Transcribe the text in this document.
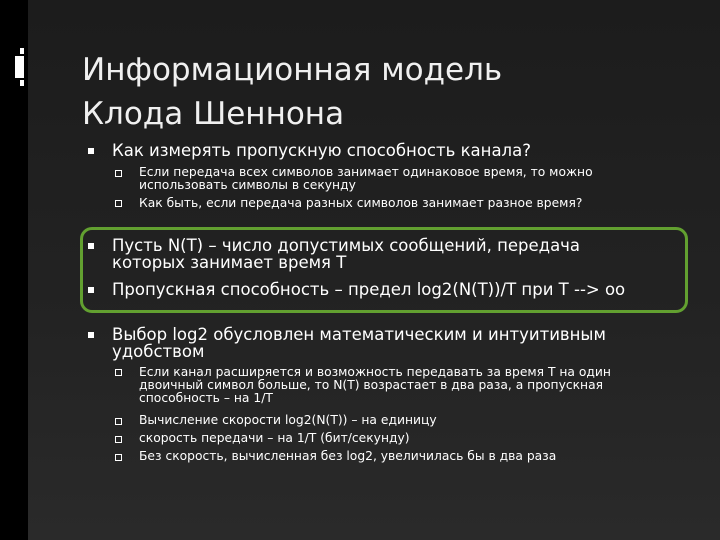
Информационная модель
Клода Шеннона
Как измерять пропускную способность канала?
Если передача всех символов занимает одинаковое время, то можно
использовать символы в секунду
Как быть, если передача разных символов занимает разное время?
Пусть N(T) – число допустимых сообщений, передача
которых занимает время T
Пропускная способность – предел log2(N(T))/T при T --> oo
Выбор log2 обусловлен математическим и интуитивным
удобством
Если канал расширяется и возможность передавать за время T на один
двоичный символ больше, то N(T) возрастает в два раза, а пропускная
способность – на 1/T
Вычисление скорости log2(N(T)) – на единицу
скорость передачи – на 1/T (бит/секунду)
Без скорость, вычисленная без log2, увеличилась бы в два раза
